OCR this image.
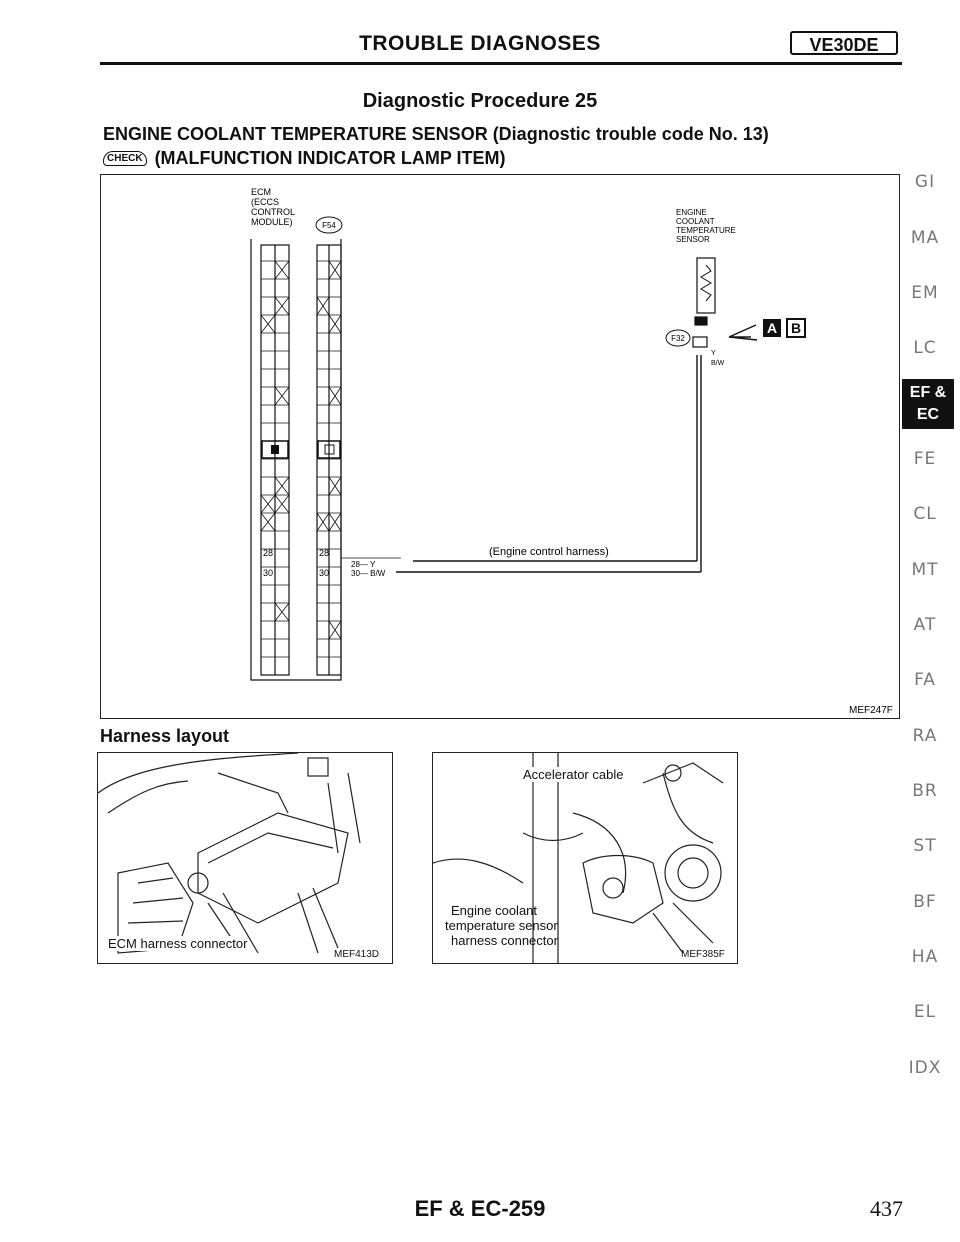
TROUBLE DIAGNOSES	VE30DE
Diagnostic Procedure 25
ENGINE COOLANT TEMPERATURE SENSOR (Diagnostic trouble code No. 13)
CHECK (MALFUNCTION INDICATOR LAMP ITEM)
A B
ECM
(ECCS
CONTROL
MODULE)	F54
ENGINE
COOLANT
TEMPERATURE
SENSOR
F32
Y
B/W
28	28
30	30
28— Y
30— B/W
(Engine control harness)
MEF247F
Harness layout
ECM harness connector
MEF413D
Accelerator cable
Engine coolant
temperature sensor
harness connector
MEF385F
GI
MA
EM
LC
EF &
EC
FE
CL
MT
AT
FA
RA
BR
ST
BF
HA
EL
IDX
EF & EC-259	437
